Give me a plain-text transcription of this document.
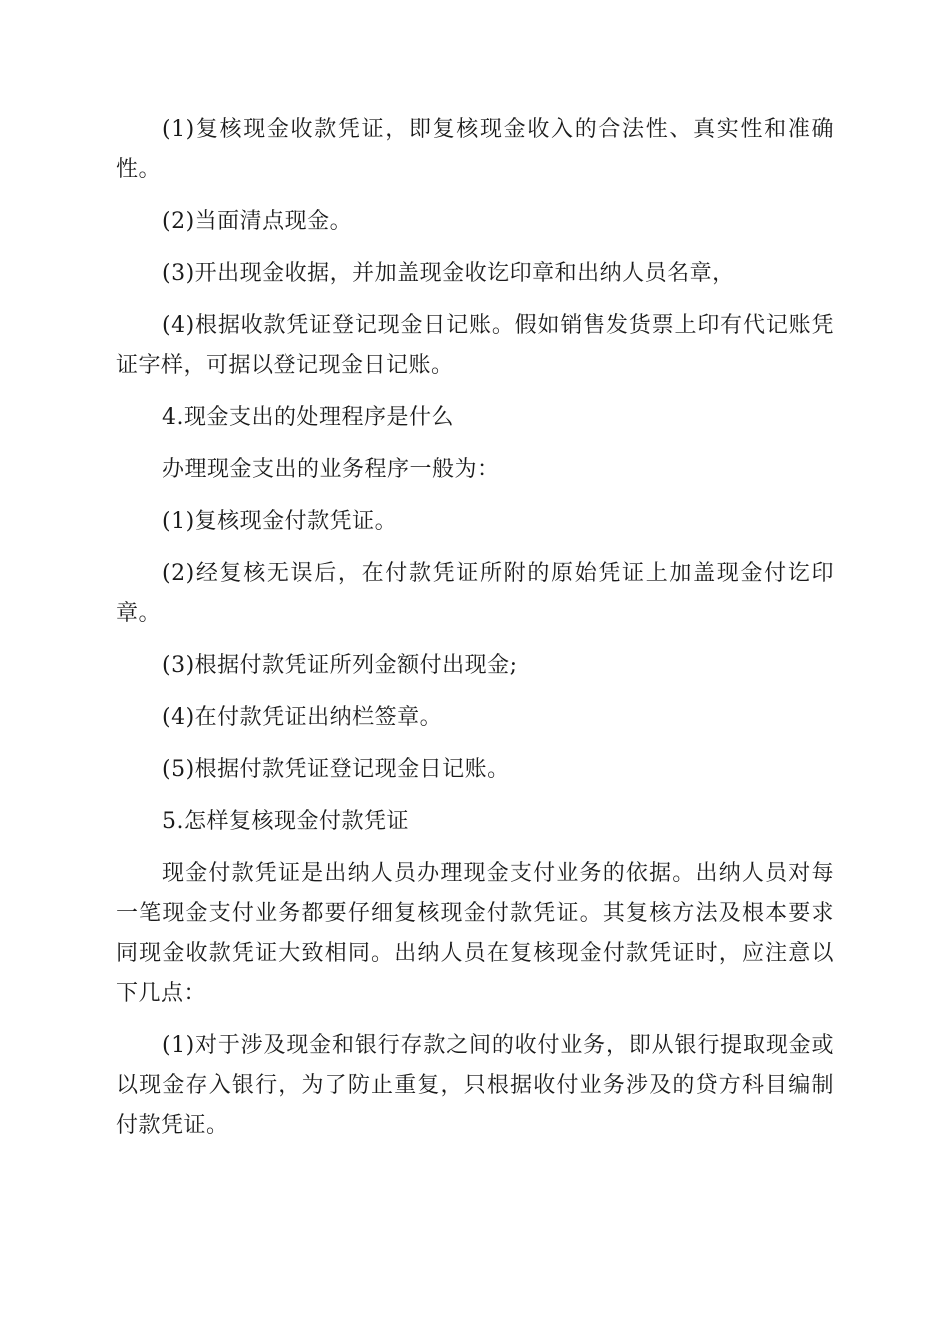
(1)复核现金收款凭证，即复核现金收入的合法性、真实性和准确性。

(2)当面清点现金。

(3)开出现金收据，并加盖现金收讫印章和出纳人员名章，

(4)根据收款凭证登记现金日记账。假如销售发货票上印有代记账凭证字样，可据以登记现金日记账。

4.现金支出的处理程序是什么

办理现金支出的业务程序一般为：

(1)复核现金付款凭证。

(2)经复核无误后，在付款凭证所附的原始凭证上加盖现金付讫印章。

(3)根据付款凭证所列金额付出现金;

(4)在付款凭证出纳栏签章。

(5)根据付款凭证登记现金日记账。

5.怎样复核现金付款凭证

现金付款凭证是出纳人员办理现金支付业务的依据。出纳人员对每一笔现金支付业务都要仔细复核现金付款凭证。其复核方法及根本要求同现金收款凭证大致相同。出纳人员在复核现金付款凭证时，应注意以下几点：

(1)对于涉及现金和银行存款之间的收付业务，即从银行提取现金或以现金存入银行，为了防止重复，只根据收付业务涉及的贷方科目编制付款凭证。
